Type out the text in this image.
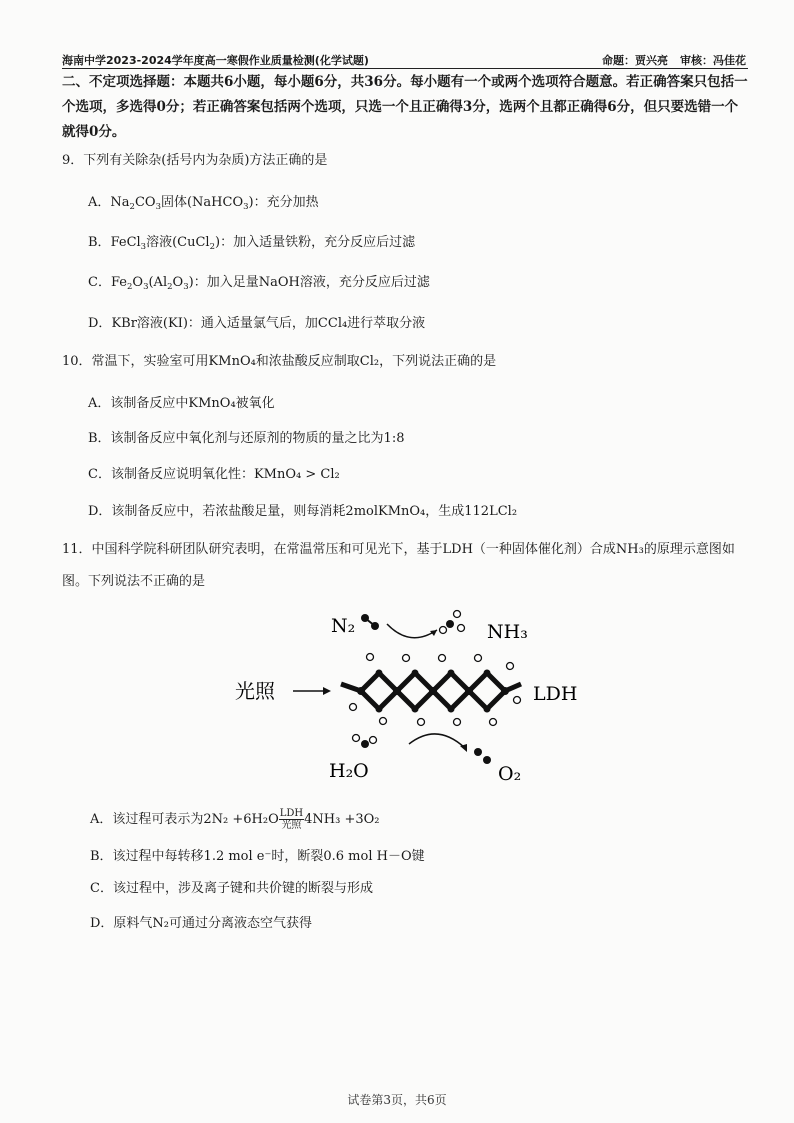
海南中学2023-2024学年度高一寒假作业质量检测(化学试题)	命题：贾兴亮 审核：冯佳花
二、不定项选择题：本题共6小题，每小题6分，共36分。每小题有一个或两个选项符合题意。若正确答案只包括一
个选项，多选得0分；若正确答案包括两个选项，只选一个且正确得3分，选两个且都正确得6分，但只要选错一个
就得0分。
9．下列有关除杂(括号内为杂质)方法正确的是
A．$Na_2CO_3$固体(NaHCO$_3$)：充分加热
B．FeCl$_3$溶液(CuCl$_2$)：加入适量铁粉，充分反应后过滤
C．$Fe_2O_3(Al_2O_3)$：加入足量NaOH溶液，充分反应后过滤
D．KBr溶液(KI)：通入适量氯气后，加CCl₄进行萃取分液
10．常温下，实验室可用KMnO₄和浓盐酸反应制取Cl₂，下列说法正确的是
A．该制备反应中KMnO₄被氧化
B．该制备反应中氧化剂与还原剂的物质的量之比为1:8
C．该制备反应说明氧化性：KMnO₄ > Cl₂
D．该制备反应中，若浓盐酸足量，则每消耗2molKMnO₄，生成112LCl₂
11．中国科学院科研团队研究表明，在常温常压和可见光下，基于LDH（一种固体催化剂）合成NH₃的原理示意图如
图。下列说法不正确的是
N₂	NH₃
光照	LDH
H₂O	O₂
A．该过程可表示为$2N_2 +6H_2O \frac{\text{LDH}}{\text{光照}} 4NH_3 +3O_2$
B．该过程中每转移1.2 mol e⁻时，断裂0.6 mol H－O键
C．该过程中，涉及离子键和共价键的断裂与形成
D．原料气N₂可通过分离液态空气获得
试卷第3页，共6页
